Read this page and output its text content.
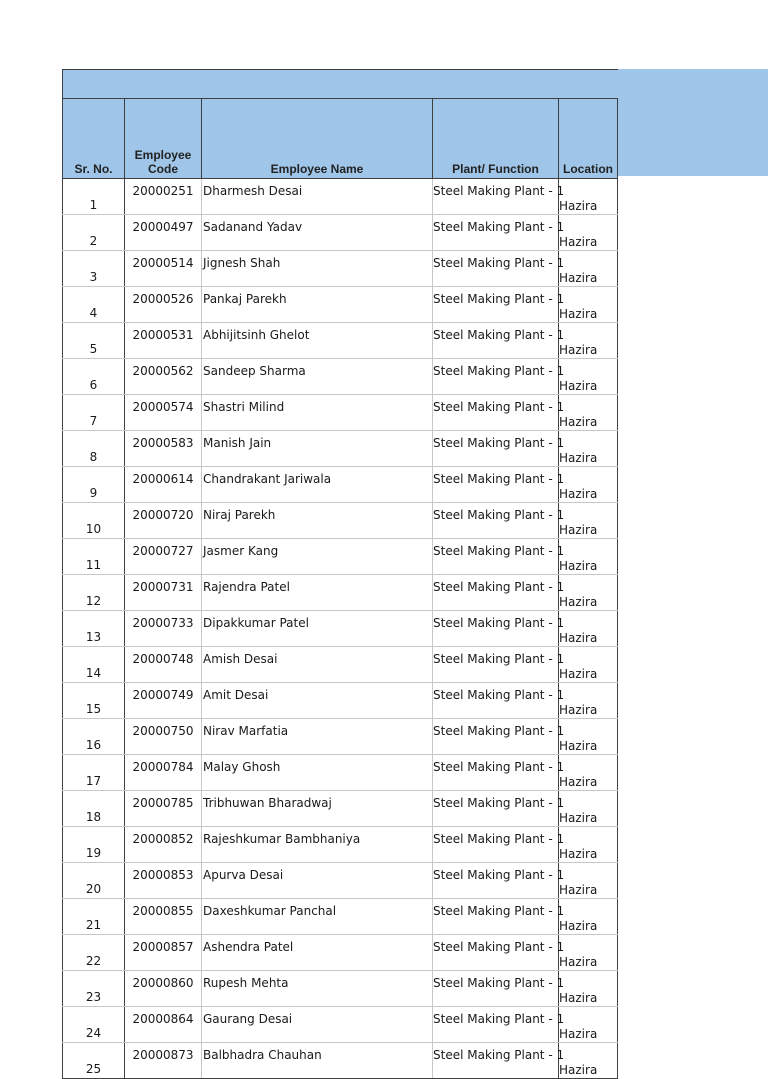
Sr. No.	Employee Code	Employee Name	Plant/ Function	Location
1	20000251	Dharmesh Desai	Steel Making Plant - 1	Hazira
2	20000497	Sadanand Yadav	Steel Making Plant - 1	Hazira
3	20000514	Jignesh Shah	Steel Making Plant - 1	Hazira
4	20000526	Pankaj Parekh	Steel Making Plant - 1	Hazira
5	20000531	Abhijitsinh Ghelot	Steel Making Plant - 1	Hazira
6	20000562	Sandeep Sharma	Steel Making Plant - 1	Hazira
7	20000574	Shastri Milind	Steel Making Plant - 1	Hazira
8	20000583	Manish Jain	Steel Making Plant - 1	Hazira
9	20000614	Chandrakant Jariwala	Steel Making Plant - 1	Hazira
10	20000720	Niraj Parekh	Steel Making Plant - 1	Hazira
11	20000727	Jasmer Kang	Steel Making Plant - 1	Hazira
12	20000731	Rajendra Patel	Steel Making Plant - 1	Hazira
13	20000733	Dipakkumar Patel	Steel Making Plant - 1	Hazira
14	20000748	Amish Desai	Steel Making Plant - 1	Hazira
15	20000749	Amit Desai	Steel Making Plant - 1	Hazira
16	20000750	Nirav Marfatia	Steel Making Plant - 1	Hazira
17	20000784	Malay Ghosh	Steel Making Plant - 1	Hazira
18	20000785	Tribhuwan Bharadwaj	Steel Making Plant - 1	Hazira
19	20000852	Rajeshkumar Bambhaniya	Steel Making Plant - 1	Hazira
20	20000853	Apurva Desai	Steel Making Plant - 1	Hazira
21	20000855	Daxeshkumar Panchal	Steel Making Plant - 1	Hazira
22	20000857	Ashendra Patel	Steel Making Plant - 1	Hazira
23	20000860	Rupesh Mehta	Steel Making Plant - 1	Hazira
24	20000864	Gaurang Desai	Steel Making Plant - 1	Hazira
25	20000873	Balbhadra Chauhan	Steel Making Plant - 1	Hazira
